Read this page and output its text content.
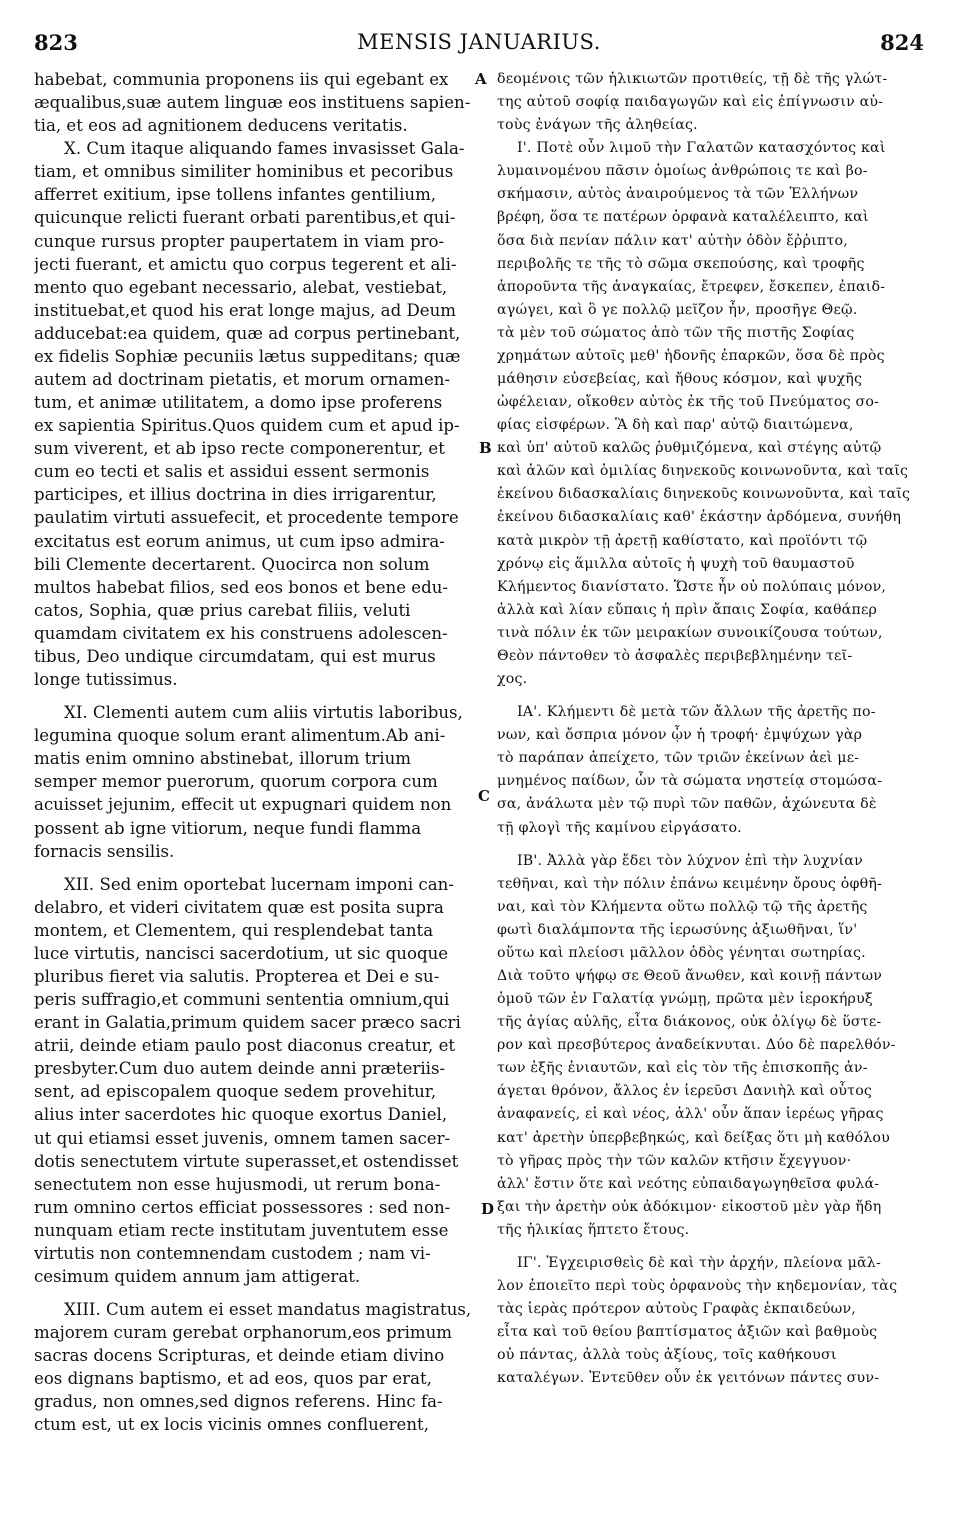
823	MENSIS JANUARIUS.	824
habebat, communia proponens iis qui egebant ex
æqualibus,suæ autem linguæ eos instituens sapien-
tia, et eos ad agnitionem deducens veritatis.
X. Cum itaque aliquando fames invasisset Gala-
tiam, et omnibus similiter hominibus et pecoribus
afferret exitium, ipse tollens infantes gentilium,
quicunque relicti fuerant orbati parentibus,et qui-
cunque rursus propter paupertatem in viam pro-
jecti fuerant, et amictu quo corpus tegerent et ali-
mento quo egebant necessario, alebat, vestiebat,
instituebat,et quod his erat longe majus, ad Deum
adducebat:ea quidem, quæ ad corpus pertinebant,
ex fidelis Sophiæ pecuniis lætus suppeditans; quæ
autem ad doctrinam pietatis, et morum ornamen-
tum, et animæ utilitatem, a domo ipse proferens
ex sapientia Spiritus.Quos quidem cum et apud ip-
sum viverent, et ab ipso recte componerentur, et
cum eo tecti et salis et assidui essent sermonis
participes, et illius doctrina in dies irrigarentur,
paulatim virtuti assuefecit, et procedente tempore
excitatus est eorum animus, ut cum ipso admira-
bili Clemente decertarent. Quocirca non solum
multos habebat filios, sed eos bonos et bene edu-
catos, Sophia, quæ prius carebat filiis, veluti
quamdam civitatem ex his construens adolescen-
tibus, Deo undique circumdatam, qui est murus
longe tutissimus.
XI. Clementi autem cum aliis virtutis laboribus,
legumina quoque solum erant alimentum.Ab ani-
matis enim omnino abstinebat, illorum trium
semper memor puerorum, quorum corpora cum
acuisset jejunim, effecit ut expugnari quidem non
possent ab igne vitiorum, neque fundi flamma
fornacis sensilis.
XII. Sed enim oportebat lucernam imponi can-
delabro, et videri civitatem quæ est posita supra
montem, et Clementem, qui resplendebat tanta
luce virtutis, nancisci sacerdotium, ut sic quoque
pluribus fieret via salutis. Propterea et Dei e su-
peris suffragio,et communi sententia omnium,qui
erant in Galatia,primum quidem sacer præco sacri
atrii, deinde etiam paulo post diaconus creatur, et
presbyter.Cum duo autem deinde anni præteriis-
sent, ad episcopalem quoque sedem provehitur,
alius inter sacerdotes hic quoque exortus Daniel,
ut qui etiamsi esset juvenis, omnem tamen sacer-
dotis senectutem virtute superasset,et ostendisset
senectutem non esse hujusmodi, ut rerum bona-
rum omnino certos efficiat possessores : sed non-
nunquam etiam recte institutam juventutem esse
virtutis non contemnendam custodem ; nam vi-
cesimum quidem annum jam attigerat.
XIII. Cum autem ei esset mandatus magistratus,
majorem curam gerebat orphanorum,eos primum
sacras docens Scripturas, et deinde etiam divino
eos dignans baptismo, et ad eos, quos par erat,
gradus, non omnes,sed dignos referens. Hinc fa-
ctum est, ut ex locis vicinis omnes confluerent,
A
B
C
D
δεομένοις τῶν ἡλικιωτῶν προτιθείς, τῇ δὲ τῆς γλώτ-
της αὐτοῦ σοφίᾳ παιδαγωγῶν καὶ εἰς ἐπίγνωσιν αὐ-
τοὺς ἐνάγων τῆς ἀληθείας.
Ι'. Ποτὲ οὖν λιμοῦ τὴν Γαλατῶν κατασχόντος καὶ
λυμαινομένου πᾶσιν ὁμοίως ἀνθρώποις τε καὶ βο-
σκήμασιν, αὐτὸς ἀναιρούμενος τὰ τῶν Ἑλλήνων
βρέφη, ὅσα τε πατέρων ὀρφανὰ καταλέλειπτο, καὶ
ὅσα διὰ πενίαν πάλιν κατ' αὐτὴν ὁδὸν ἔῤῥιπτο,
περιβολῆς τε τῆς τὸ σῶμα σκεπούσης, καὶ τροφῆς
ἀποροῦντα τῆς ἀναγκαίας, ἔτρεφεν, ἔσκεπεν, ἐπαιδ-
αγώγει, καὶ ὃ γε πολλῷ μεῖζον ἦν, προσῆγε Θεῷ.
τὰ μὲν τοῦ σώματος ἀπὸ τῶν τῆς πιστῆς Σοφίας
χρημάτων αὐτοῖς μεθ' ἡδονῆς ἐπαρκῶν, ὅσα δὲ πρὸς
μάθησιν εὐσεβείας, καὶ ἤθους κόσμον, καὶ ψυχῆς
ὠφέλειαν, οἴκοθεν αὐτὸς ἐκ τῆς τοῦ Πνεύματος σο-
φίας εἰσφέρων. Ἃ δὴ καὶ παρ' αὐτῷ διαιτώμενα,
καὶ ὑπ' αὐτοῦ καλῶς ῥυθμιζόμενα, καὶ στέγης αὐτῷ
καὶ ἁλῶν καὶ ὁμιλίας διηνεκοῦς κοινωνοῦντα, καὶ ταῖς
ἐκείνου διδασκαλίαις διηνεκοῦς κοινωνοῦντα, καὶ ταῖς
ἐκείνου διδασκαλίαις καθ' ἑκάστην ἀρδόμενα, συνήθη
κατὰ μικρὸν τῇ ἀρετῇ καθίστατο, καὶ προϊόντι τῷ
χρόνῳ εἰς ἅμιλλα αὐτοῖς ἡ ψυχὴ τοῦ θαυμαστοῦ
Κλήμεντος διανίστατο. Ὥστε ἦν οὐ πολύπαις μόνον,
ἀλλὰ καὶ λίαν εὔπαις ἡ πρὶν ἄπαις Σοφία, καθάπερ
τινὰ πόλιν ἐκ τῶν μειρακίων συνοικίζουσα τούτων,
Θεὸν πάντοθεν τὸ ἀσφαλὲς περιβεβλημένην τεῖ-
χος.
ΙΑ'. Κλήμεντι δὲ μετὰ τῶν ἄλλων τῆς ἀρετῆς πο-
νων, καὶ ὄσπρια μόνον ᾦν ἡ τροφή· ἐμψύχων γὰρ
τὸ παράπαν ἀπείχετο, τῶν τριῶν ἐκείνων ἀεὶ με-
μνημένος παίδων, ὧν τὰ σώματα νηστείᾳ στομώσα-
σα, ἀνάλωτα μὲν τῷ πυρὶ τῶν παθῶν, ἀχώνευτα δὲ
τῇ φλογὶ τῆς καμίνου εἰργάσατο.
ΙΒ'. Ἀλλὰ γὰρ ἔδει τὸν λύχνον ἐπὶ τὴν λυχνίαν
τεθῆναι, καὶ τὴν πόλιν ἐπάνω κειμένην ὄρους ὀφθῆ-
ναι, καὶ τὸν Κλήμεντα οὕτω πολλῷ τῷ τῆς ἀρετῆς
φωτὶ διαλάμποντα τῆς ἱερωσύνης ἀξιωθῆναι, ἵν'
οὕτω καὶ πλείοσι μᾶλλον ὁδὸς γένηται σωτηρίας.
Διὰ τοῦτο ψήφῳ σε Θεοῦ ἄνωθεν, καὶ κοινῇ πάντων
ὁμοῦ τῶν ἐν Γαλατίᾳ γνώμῃ, πρῶτα μὲν ἱεροκήρυξ
τῆς ἁγίας αὐλῆς, εἶτα διάκονος, οὐκ ὀλίγῳ δὲ ὕστε-
ρον καὶ πρεσβύτερος ἀναδείκνυται. Δύο δὲ παρελθόν-
των ἑξῆς ἐνιαυτῶν, καὶ εἰς τὸν τῆς ἐπισκοπῆς ἀν-
άγεται θρόνον, ἄλλος ἐν ἱερεῦσι Δανιὴλ καὶ οὗτος
ἀναφανείς, εἰ καὶ νέος, ἀλλ' οὖν ἅπαν ἱερέως γῆρας
κατ' ἀρετὴν ὑπερβεβηκώς, καὶ δείξας ὅτι μὴ καθόλου
τὸ γῆρας πρὸς τὴν τῶν καλῶν κτῆσιν ἔχεγγυον·
ἀλλ' ἔστιν ὅτε καὶ νεότης εὐπαιδαγωγηθεῖσα φυλά-
ξαι τὴν ἀρετὴν οὐκ ἀδόκιμον· εἰκοστοῦ μὲν γὰρ ἤδη
τῆς ἡλικίας ἥπτετο ἔτους.
ΙΓ'. Ἐγχειρισθεὶς δὲ καὶ τὴν ἀρχήν, πλείονα μᾶλ-
λον ἐποιεῖτο περὶ τοὺς ὀρφανοὺς τὴν κηδεμονίαν, τὰς
τὰς ἱερὰς πρότερον αὐτοὺς Γραφὰς ἐκπαιδεύων,
εἶτα καὶ τοῦ θείου βαπτίσματος ἀξιῶν καὶ βαθμοὺς
οὐ πάντας, ἀλλὰ τοὺς ἀξίους, τοῖς καθήκουσι
καταλέγων. Ἐντεῦθεν οὖν ἐκ γειτόνων πάντες συν-
